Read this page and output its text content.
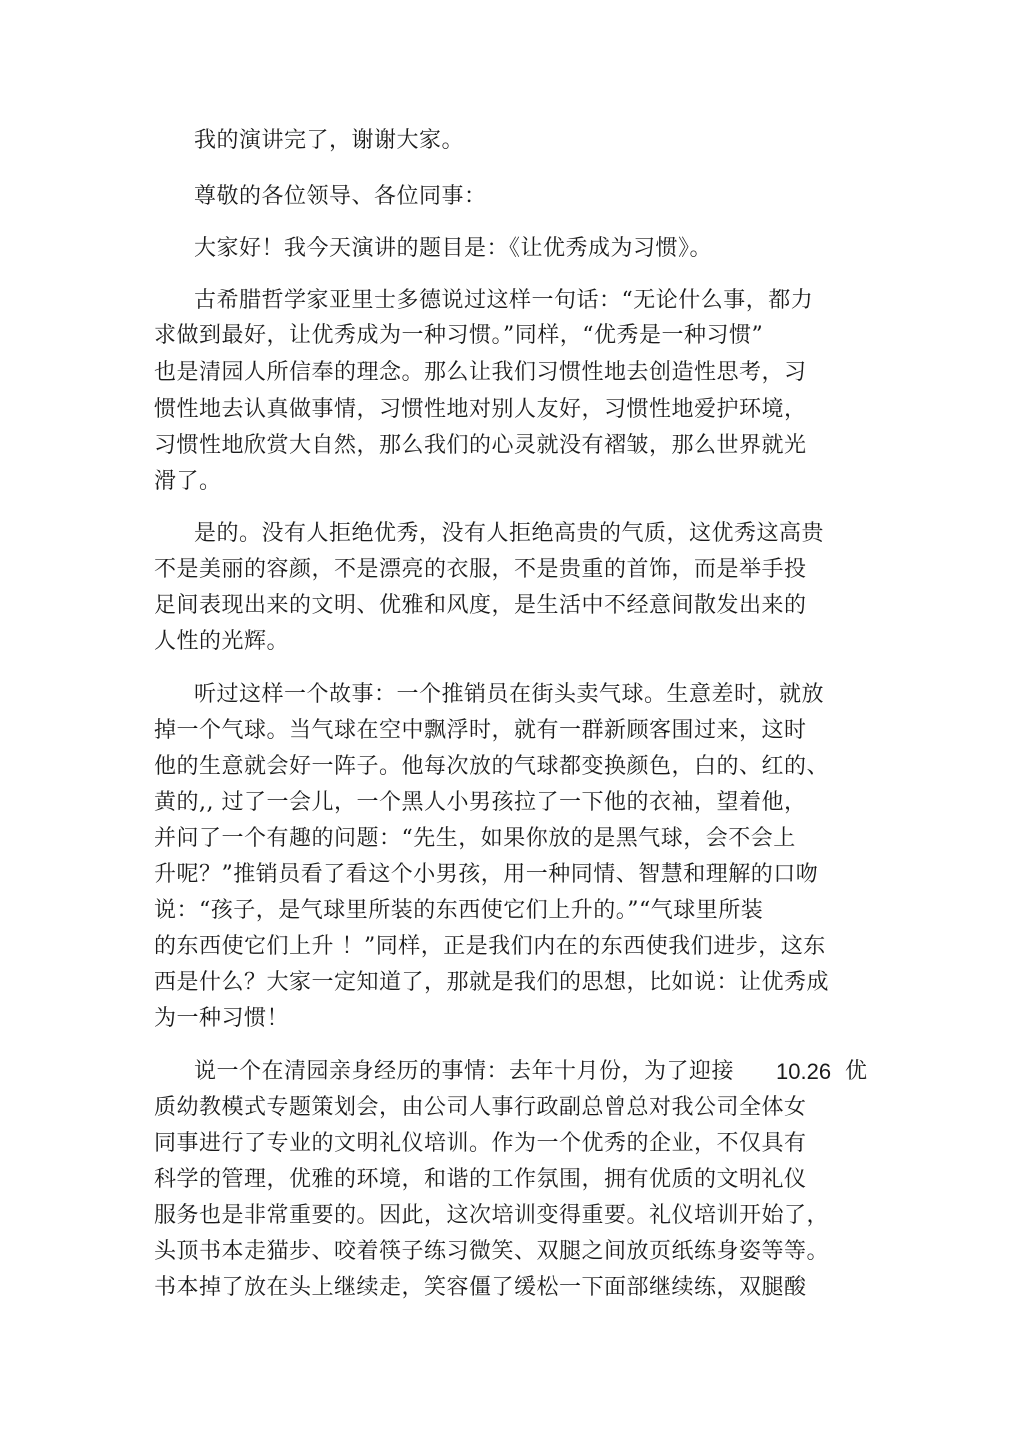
我的演讲完了，谢谢大家。

尊敬的各位领导、各位同事：

大家好！我今天演讲的题目是：《让优秀成为习惯》。

古希腊哲学家亚里士多德说过这样一句话：“无论什么事，都力

求做到最好，让优秀成为一种习惯。”同样，“优秀是一种习惯”

也是清园人所信奉的理念。那么让我们习惯性地去创造性思考，习

惯性地去认真做事情，习惯性地对别人友好，习惯性地爱护环境，

习惯性地欣赏大自然，那么我们的心灵就没有褶皱，那么世界就光

滑了。

是的。没有人拒绝优秀，没有人拒绝高贵的气质，这优秀这高贵

不是美丽的容颜，不是漂亮的衣服，不是贵重的首饰，而是举手投

足间表现出来的文明、优雅和风度，是生活中不经意间散发出来的

人性的光辉。

听过这样一个故事：一个推销员在街头卖气球。生意差时，就放

掉一个气球。当气球在空中飘浮时，就有一群新顾客围过来，这时

他的生意就会好一阵子。他每次放的气球都变换颜色，白的、红的、

黄的,, 过了一会儿，一个黑人小男孩拉了一下他的衣袖，望着他，

并问了一个有趣的问题：“先生，如果你放的是黑气球，会不会上

升呢？”推销员看了看这个小男孩，用一种同情、智慧和理解的口吻

说：“孩子，是气球里所装的东西使它们上升的。”“气球里所装

的东西使它们上升 ！”同样，正是我们内在的东西使我们进步，这东

西是什么？大家一定知道了，那就是我们的思想，比如说：让优秀成

为一种习惯！

说一个在清园亲身经历的事情：去年十月份，为了迎接 10.26 优

质幼教模式专题策划会，由公司人事行政副总曾总对我公司全体女

同事进行了专业的文明礼仪培训。作为一个优秀的企业，不仅具有

科学的管理，优雅的环境，和谐的工作氛围，拥有优质的文明礼仪

服务也是非常重要的。因此，这次培训变得重要。礼仪培训开始了，

头顶书本走猫步、咬着筷子练习微笑、双腿之间放页纸练身姿等等。

书本掉了放在头上继续走，笑容僵了缓松一下面部继续练，双腿酸
